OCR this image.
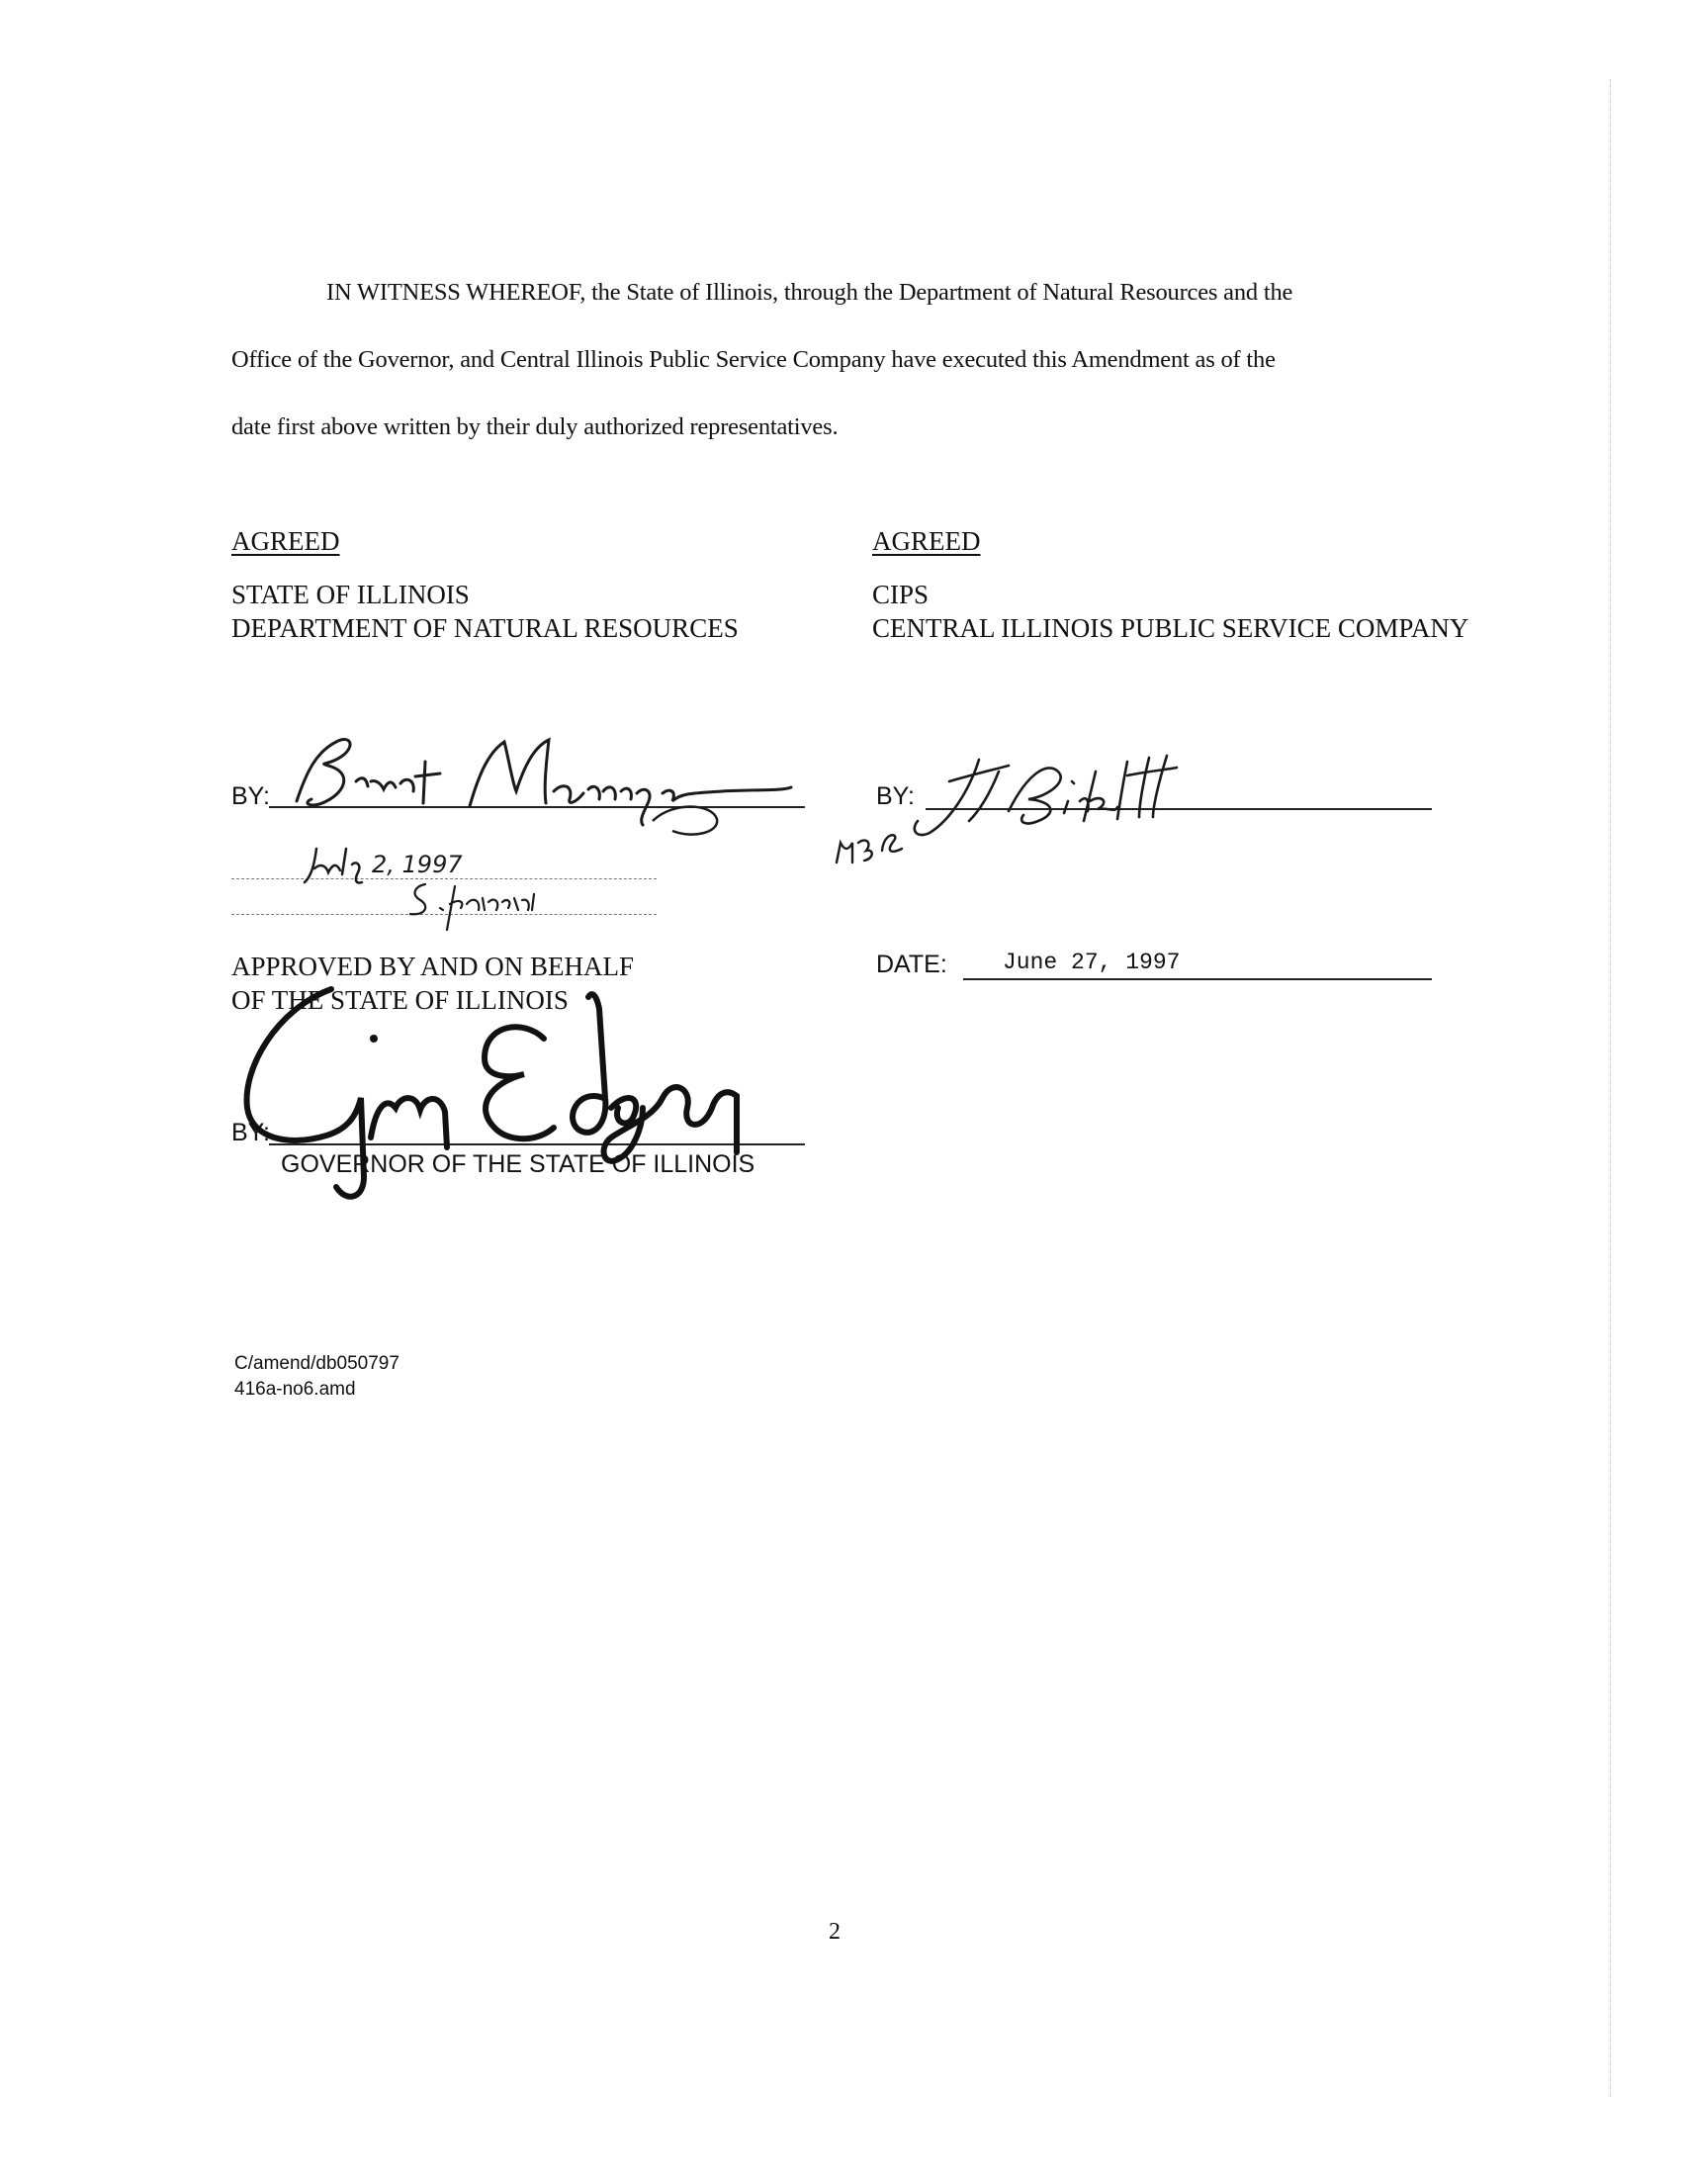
IN WITNESS WHEREOF, the State of Illinois, through the Department of Natural Resources and the
Office of the Governor, and Central Illinois Public Service Company have executed this Amendment as of the
date first above written by their duly authorized representatives.
AGREED
STATE OF ILLINOIS
DEPARTMENT OF NATURAL RESOURCES
BY:
2, 1997
APPROVED BY AND ON BEHALF
OF THE STATE OF ILLINOIS
BY:
GOVERNOR OF THE STATE OF ILLINOIS
AGREED
CIPS
CENTRAL ILLINOIS PUBLIC SERVICE COMPANY
BY:
DATE: June 27, 1997
C/amend/db050797
416a-no6.amd
2
